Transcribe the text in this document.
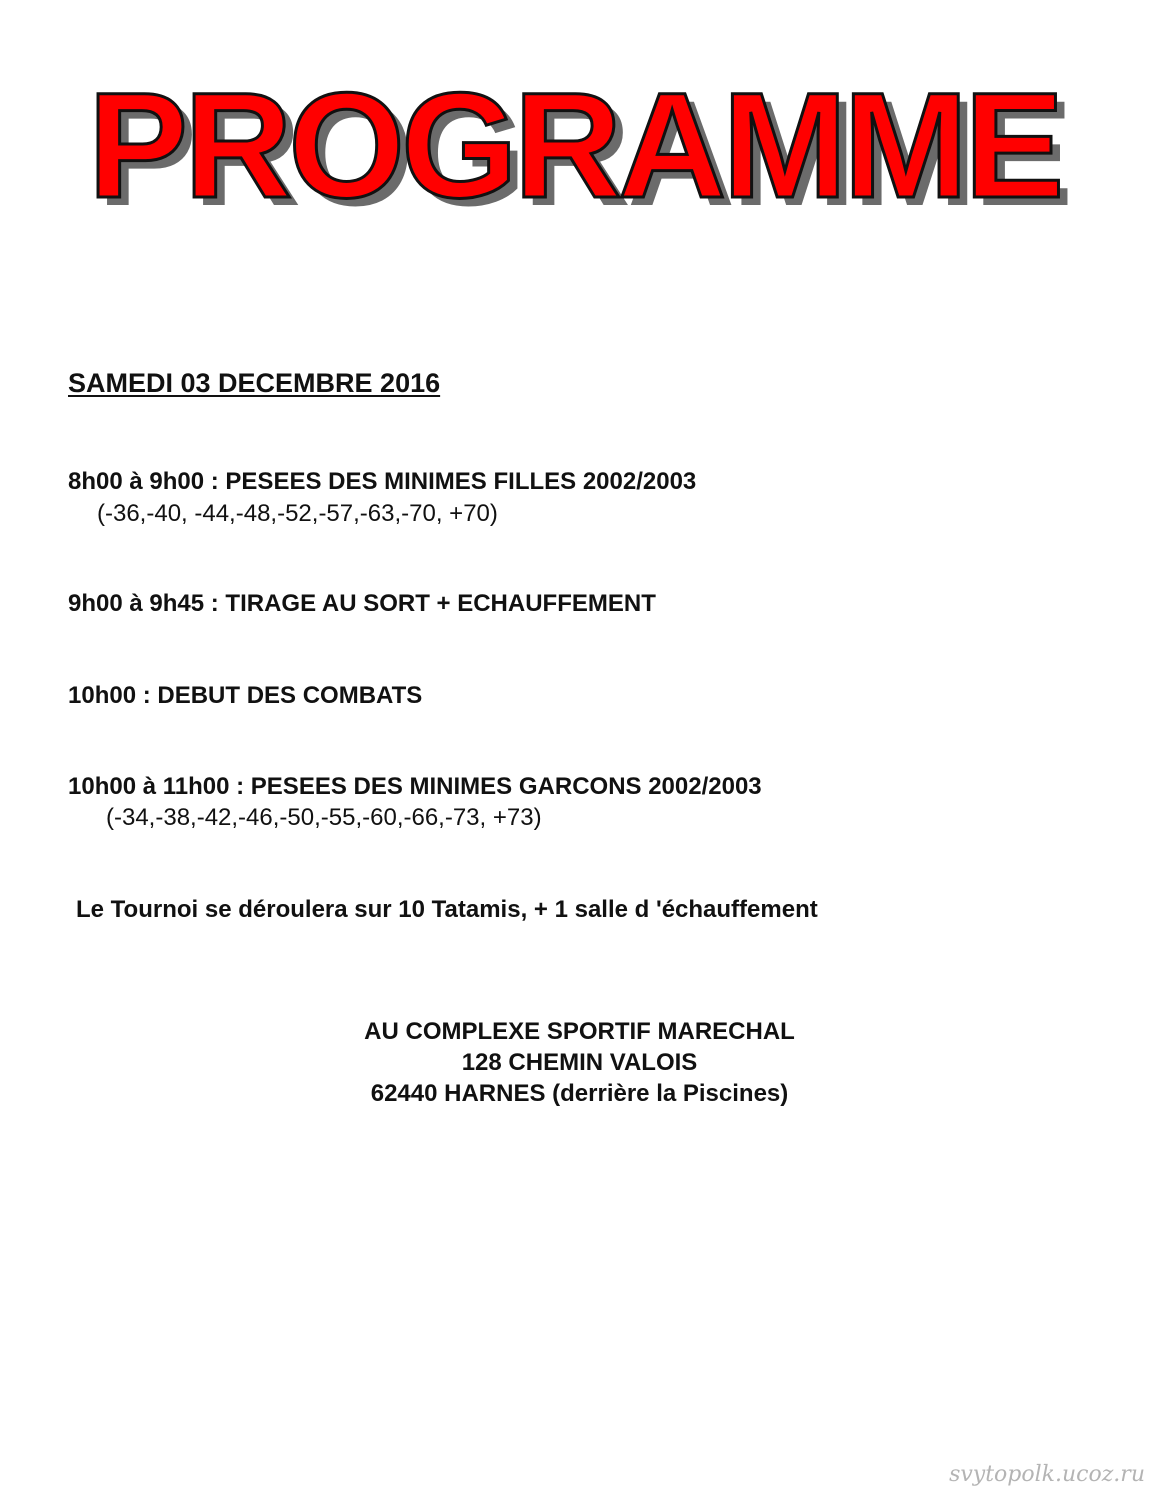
PROGRAMME
SAMEDI 03 DECEMBRE 2016
8h00 à 9h00 : PESEES DES MINIMES FILLES 2002/2003
(-36,-40, -44,-48,-52,-57,-63,-70, +70)
9h00 à 9h45 : TIRAGE AU SORT + ECHAUFFEMENT
10h00 : DEBUT DES COMBATS
10h00 à 11h00 : PESEES DES MINIMES GARCONS 2002/2003
(-34,-38,-42,-46,-50,-55,-60,-66,-73, +73)
Le Tournoi se déroulera sur 10 Tatamis, + 1 salle d 'échauffement
AU COMPLEXE SPORTIF MARECHAL
128 CHEMIN VALOIS
62440 HARNES (derrière la Piscines)
svytopolk.ucoz.ru
